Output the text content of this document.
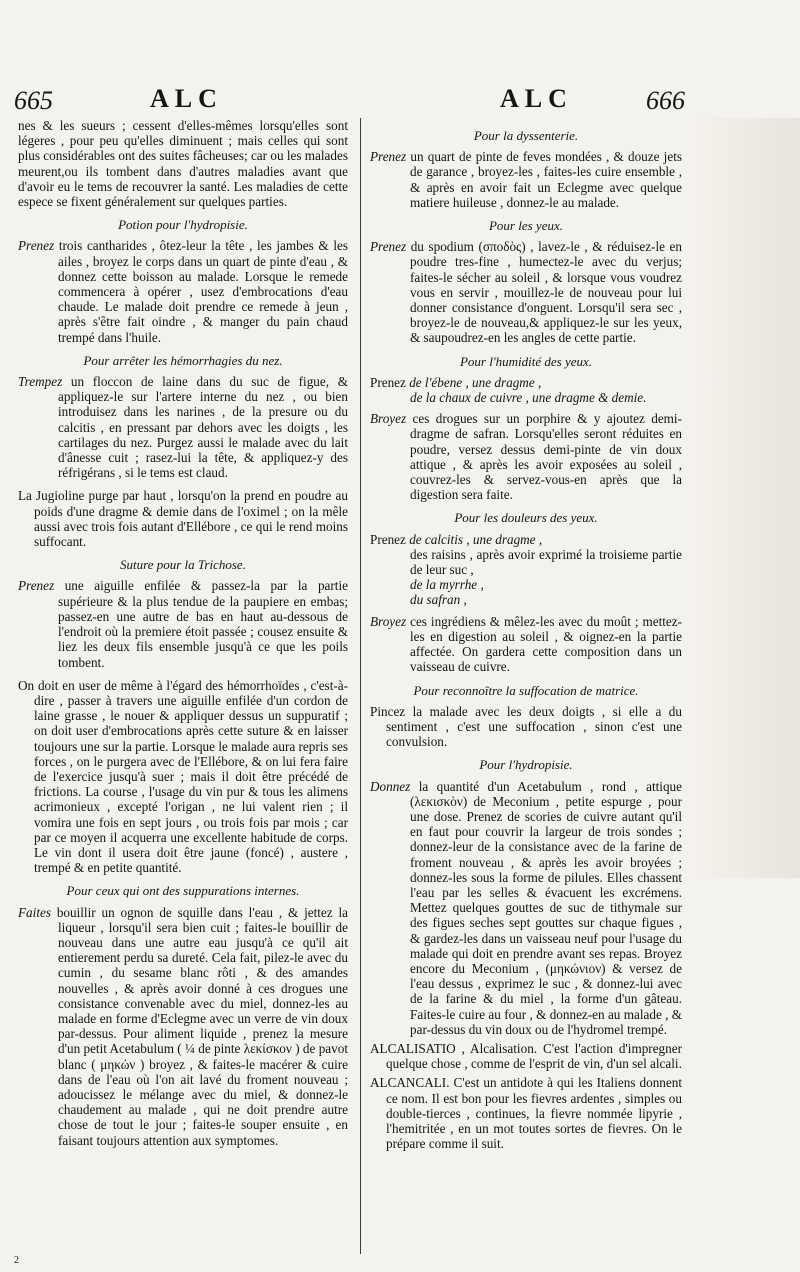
665	ALC	ALC	666

nes & les sueurs ; cessent d'elles-mêmes lorsqu'elles sont légeres , pour peu qu'elles diminuent ; mais celles qui sont plus considérables ont des suites fâcheuses; car ou les malades meurent,ou ils tombent dans d'autres maladies avant que d'avoir eu le tems de recouvrer la santé. Les maladies de cette espece se fixent généralement sur quelques parties.

Potion pour l'hydropisie.

Prenez trois cantharides , ôtez-leur la tête , les jambes & les ailes , broyez le corps dans un quart de pinte d'eau , & donnez cette boisson au malade. Lorsque le remede commencera à opérer , usez d'embrocations d'eau chaude. Le malade doit prendre ce remede à jeun , après s'être fait oindre , & manger du pain chaud trempé dans l'huile.

Pour arrêter les hémorrhagies du nez.

Trempez un floccon de laine dans du suc de figue, & appliquez-le sur l'artere interne du nez , ou bien introduisez dans les narines , de la presure ou du calcitis , en pressant par dehors avec les doigts , les cartilages du nez. Purgez aussi le malade avec du lait d'ânesse cuit ; rasez-lui la tête, & appliquez-y des réfrigérans , si le tems est claud.

La Jugioline purge par haut , lorsqu'on la prend en poudre au poids d'une dragme & demie dans de l'oximel ; on la mêle aussi avec trois fois autant d'Ellébore , ce qui le rend moins suffocant.

Suture pour la Trichose.

Prenez une aiguille enfilée & passez-la par la partie supérieure & la plus tendue de la paupiere en embas; passez-en une autre de bas en haut au-dessous de l'endroit où la premiere étoit passée ; cousez ensuite & liez les deux fils ensemble jusqu'à ce que les poils tombent.

On doit en user de même à l'égard des hémorrhoïdes , c'est-à-dire , passer à travers une aiguille enfilée d'un cordon de laine grasse , le nouer & appliquer dessus un suppuratif ; on doit user d'embrocations après cette suture & en laisser toujours une sur la partie. Lorsque le malade aura repris ses forces , on le purgera avec de l'Ellébore, & on lui fera faire de l'exercice jusqu'à suer ; mais il doit être précédé de frictions. La course , l'usage du vin pur & tous les alimens acrimonieux , excepté l'origan , ne lui valent rien ; il vomira une fois en sept jours , ou trois fois par mois ; car par ce moyen il acquerra une excellente habitude de corps. Le vin dont il usera doit être jaune (foncé) , austere , trempé & en petite quantité.

Pour ceux qui ont des suppurations internes.

Faites bouillir un ognon de squille dans l'eau , & jettez la liqueur , lorsqu'il sera bien cuit ; faites-le bouillir de nouveau dans une autre eau jusqu'à ce qu'il ait entierement perdu sa dureté. Cela fait, pilez-le avec du cumin , du sesame blanc rôti , & des amandes nouvelles , & après avoir donné à ces drogues une consistance convenable avec du miel, donnez-les au malade en forme d'Eclegme avec un verre de vin doux par-dessus. Pour aliment liquide , prenez la mesure d'un petit Acetabulum ( ¼ de pinte λεκίσκον ) de pavot blanc ( μηκών ) broyez , & faites-le macérer & cuire dans de l'eau où l'on ait lavé du froment nouveau ; adoucissez le mélange avec du miel, & donnez-le chaudement au malade , qui ne doit prendre autre chose de tout le jour ; faites-le souper ensuite , en faisant toujours attention aux symptomes.

Pour la dyssenterie.

Prenez un quart de pinte de feves mondées , & douze jets de garance , broyez-les , faites-les cuire ensemble , & après en avoir fait un Eclegme avec quelque matiere huileuse , donnez-le au malade.

Pour les yeux.

Prenez du spodium (σποδὸς) , lavez-le , & réduisez-le en poudre tres-fine , humectez-le avec du verjus; faites-le sécher au soleil , & lorsque vous voudrez vous en servir , mouillez-le de nouveau pour lui donner consistance d'onguent. Lorsqu'il sera sec , broyez-le de nouveau,& appliquez-le sur les yeux, & saupoudrez-en les angles de cette partie.

Pour l'humidité des yeux.

Prenez de l'ébene , une dragme ,

de la chaux de cuivre , une dragme & demie.

Broyez ces drogues sur un porphire & y ajoutez demi-dragme de safran. Lorsqu'elles seront réduites en poudre, versez dessus demi-pinte de vin doux attique , & après les avoir exposées au soleil , couvrez-les & servez-vous-en après que la digestion sera faite.

Pour les douleurs des yeux.

Prenez de calcitis , une dragme ,

des raisins , après avoir exprimé la troisieme partie de leur suc ,

de la myrrhe ,

du safran ,

Broyez ces ingrédiens & mêlez-les avec du moût ; mettez-les en digestion au soleil , & oignez-en la partie affectée. On gardera cette composition dans un vaisseau de cuivre.

Pour reconnoître la suffocation de matrice.

Pincez la malade avec les deux doigts , si elle a du sentiment , c'est une suffocation , sinon c'est une convulsion.

Pour l'hydropisie.

Donnez la quantité d'un Acetabulum , rond , attique (λεκισκὸν) de Meconium , petite espurge , pour une dose. Prenez de scories de cuivre autant qu'il en faut pour couvrir la largeur de trois sondes ; donnez-leur de la consistance avec de la farine de froment nouveau , & après les avoir broyées ; donnez-les sous la forme de pilules. Elles chassent l'eau par les selles & évacuent les excrémens. Mettez quelques gouttes de suc de tithymale sur des figues seches sept gouttes sur chaque figues , & gardez-les dans un vaisseau neuf pour l'usage du malade qui doit en prendre avant ses repas. Broyez encore du Meconium , (μηκώνιον) & versez de l'eau dessus , exprimez le suc , & donnez-lui avec de la farine & du miel , la forme d'un gâteau. Faites-le cuire au four , & donnez-en au malade , & par-dessus du vin doux ou de l'hydromel trempé.

ALCALISATIO , Alcalisation. C'est l'action d'impregner quelque chose , comme de l'esprit de vin, d'un sel alcali.

ALCANCALI. C'est un antidote à qui les Italiens donnent ce nom. Il est bon pour les fievres ardentes , simples ou double-tierces , continues, la fievre nommée lipyrie , l'hemitritée , en un mot toutes sortes de fievres. On le prépare comme il suit.

2
